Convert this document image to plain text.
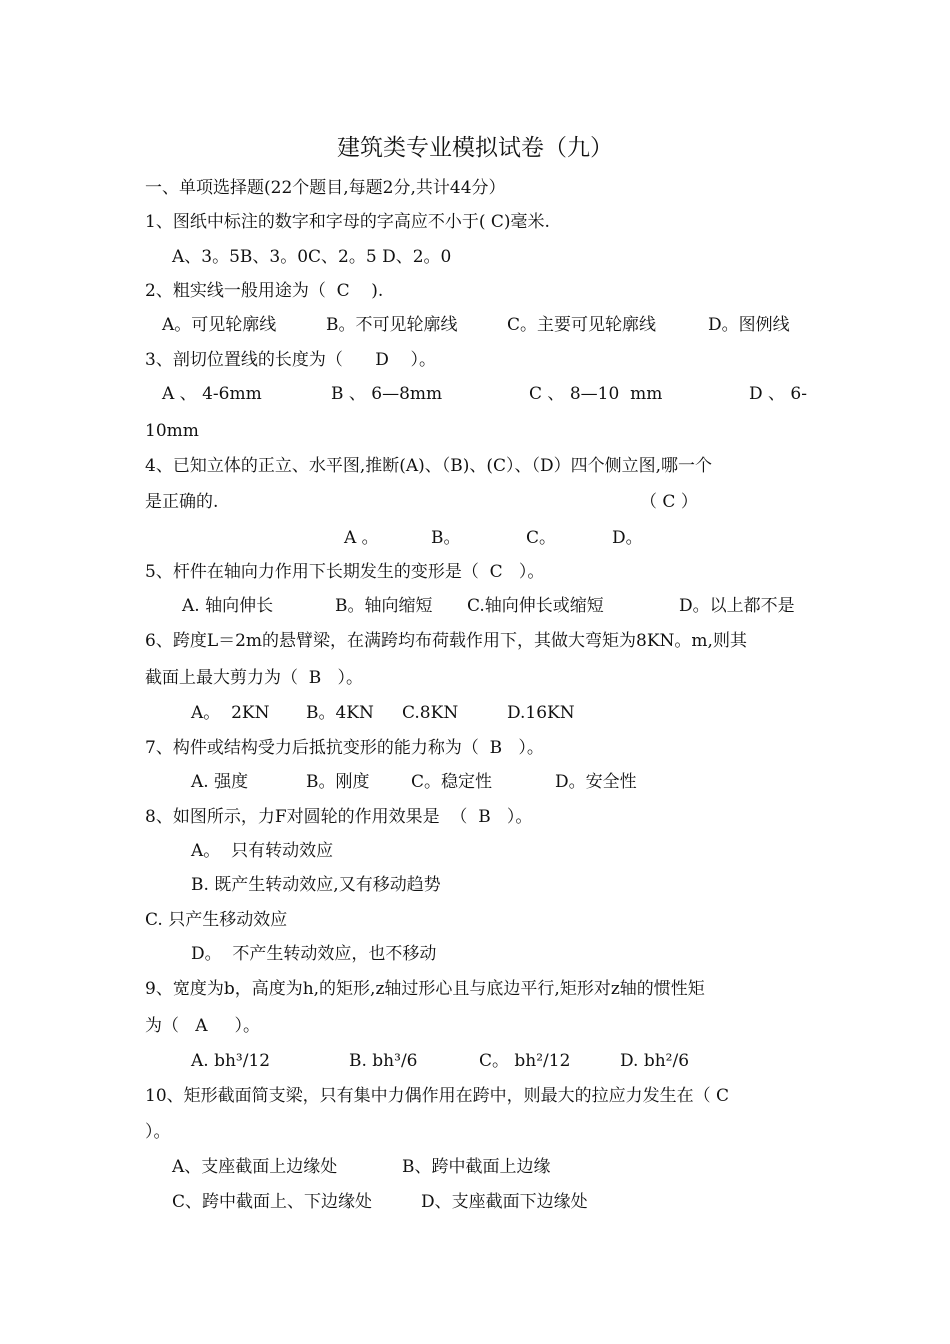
建筑类专业模拟试卷（九）

一、单项选择题(22个题目,每题2分,共计44分）

1、图纸中标注的数字和字母的字高应不小于( C)毫米.

A、3。5B、3。0C、2。5 D、2。0

2、粗实线一般用途为（  C    ).

A。可见轮廓线	B。不可见轮廓线	C。主要可见轮廓线	D。图例线

3、剖切位置线的长度为（      D    ）。

A 、 4-6mm	B 、 6—8mm	C 、 8—10  mm	D 、 6-

10mm

4、已知立体的正立、水平图,推断(A)、（B)、(C）、（D）四个侧立图,哪一个

是正确的.	（ C ）

A 。	B。	C。	D。

5、杆件在轴向力作用下长期发生的变形是（  C   ）。

A. 轴向伸长	B。轴向缩短 C.轴向伸长或缩短	D。以上都不是

6、跨度L＝2m的悬臂梁，在满跨均布荷载作用下，其做大弯矩为8KN。m,则其

截面上最大剪力为（  B   ）。

A。  2KN B。4KN C.8KN	D.16KN

7、构件或结构受力后抵抗变形的能力称为（  B   ）。

A. 强度	B。刚度 C。稳定性	D。安全性

8、如图所示，力F对圆轮的作用效果是  （  B   ）。

A。  只有转动效应

B. 既产生转动效应,又有移动趋势

C. 只产生移动效应

D。  不产生转动效应，也不移动

9、宽度为b，高度为h,的矩形,z轴过形心且与底边平行,矩形对z轴的惯性矩

为（   A     ）。

A. bh³/12	B. bh³/6	C。 bh²/12	D. bh²/6

10、矩形截面简支梁，只有集中力偶作用在跨中，则最大的拉应力发生在（ C

）。

A、支座截面上边缘处	B、跨中截面上边缘
C、跨中截面上、下边缘处	D、支座截面下边缘处
